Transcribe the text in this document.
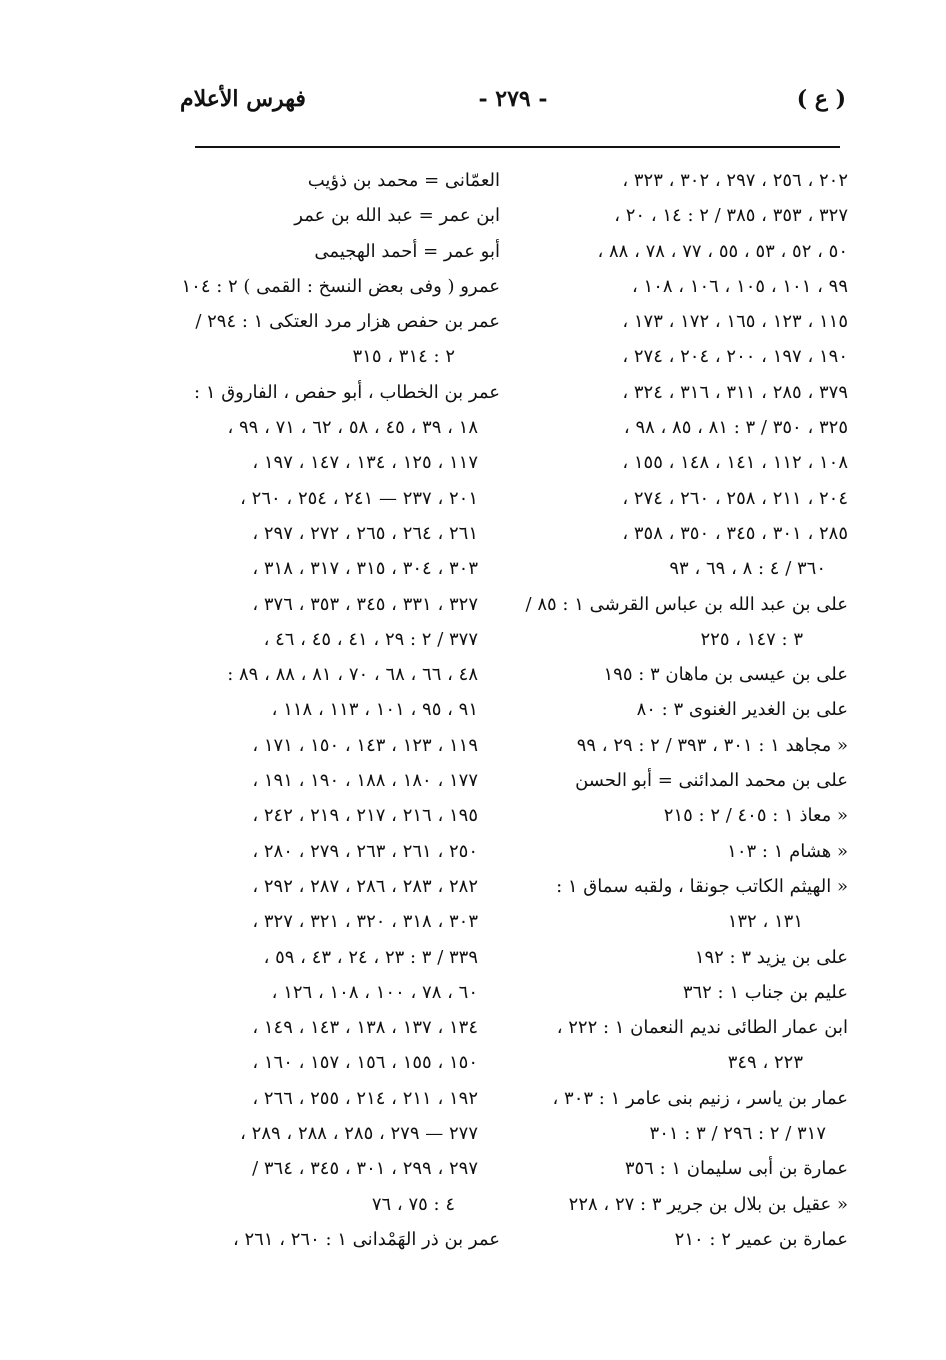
( ع )
- ٢٧٩ -
فهرس الأعلام
٢٠٢ ، ٢٥٦ ، ٢٩٧ ، ٣٠٢ ، ٣٢٣ ،
٣٢٧ ، ٣٥٣ ، ٣٨٥ / ٢ : ١٤ ، ٢٠ ،
٥٠ ، ٥٢ ، ٥٣ ، ٥٥ ، ٧٧ ، ٧٨ ، ٨٨ ،
٩٩ ، ١٠١ ، ١٠٥ ، ١٠٦ ، ١٠٨ ،
١١٥ ، ١٢٣ ، ١٦٥ ، ١٧٢ ، ١٧٣ ،
١٩٠ ، ١٩٧ ، ٢٠٠ ، ٢٠٤ ، ٢٧٤ ،
٣٧٩ ، ٢٨٥ ، ٣١١ ، ٣١٦ ، ٣٢٤ ،
٣٢٥ ، ٣٥٠ / ٣ : ٨١ ، ٨٥ ، ٩٨ ،
١٠٨ ، ١١٢ ، ١٤١ ، ١٤٨ ، ١٥٥ ،
٢٠٤ ، ٢١١ ، ٢٥٨ ، ٢٦٠ ، ٢٧٤ ،
٢٨٥ ، ٣٠١ ، ٣٤٥ ، ٣٥٠ ، ٣٥٨ ،
٣٦٠ / ٤ : ٨ ، ٦٩ ، ٩٣
على بن عبد الله بن عباس القرشى ١ : ٨٥ /
٣ : ١٤٧ ، ٢٢٥
على بن عيسى بن ماهان ٣ : ١٩٥
على بن الغدير الغنوى ٣ : ٨٠
« مجاهد ١ : ٣٠١ ، ٣٩٣ / ٢ : ٢٩ ، ٩٩
على بن محمد المدائنى = أبو الحسن
« معاذ ١ : ٤٠٥ / ٢ : ٢١٥
« هشام ١ : ١٠٣
« الهيثم الكاتب جونقا ، ولقبه سماق ١ :
١٣١ ، ١٣٢
على بن يزيد ٣ : ١٩٢
عليم بن جناب ١ : ٣٦٢
ابن عمار الطائى نديم النعمان ١ : ٢٢٢ ،
٢٢٣ ، ٣٤٩
عمار بن ياسر ، زنيم بنى عامر ١ : ٣٠٣ ،
٣١٧ / ٢ : ٢٩٦ / ٣ : ٣٠١
عمارة بن أبى سليمان ١ : ٣٥٦
« عقيل بن بلال بن جرير ٣ : ٢٧ ، ٢٢٨
عمارة بن عمير ٢ : ٢١٠
العمّانى = محمد بن ذؤيب
ابن عمر = عبد الله بن عمر
أبو عمر = أحمد الهجيمى
عمرو ( وفى بعض النسخ : القمى ) ٢ : ١٠٤
عمر بن حفص هزار مرد العتكى ١ : ٢٩٤ /
٢ : ٣١٤ ، ٣١٥
عمر بن الخطاب ، أبو حفص ، الفاروق ١ :
١٨ ، ٣٩ ، ٤٥ ، ٥٨ ، ٦٢ ، ٧١ ، ٩٩ ،
١١٧ ، ١٢٥ ، ١٣٤ ، ١٤٧ ، ١٩٧ ،
٢٠١ ، ٢٣٧ — ٢٤١ ، ٢٥٤ ، ٢٦٠ ،
٢٦١ ، ٢٦٤ ، ٢٦٥ ، ٢٧٢ ، ٢٩٧ ،
٣٠٣ ، ٣٠٤ ، ٣١٥ ، ٣١٧ ، ٣١٨ ،
٣٢٧ ، ٣٣١ ، ٣٤٥ ، ٣٥٣ ، ٣٧٦ ،
٣٧٧ / ٢ : ٢٩ ، ٤١ ، ٤٥ ، ٤٦ ،
٤٨ ، ٦٦ ، ٦٨ ، ٧٠ ، ٨١ ، ٨٨ ، ٨٩ :
٩١ ، ٩٥ ، ١٠١ ، ١١٣ ، ١١٨ ،
١١٩ ، ١٢٣ ، ١٤٣ ، ١٥٠ ، ١٧١ ،
١٧٧ ، ١٨٠ ، ١٨٨ ، ١٩٠ ، ١٩١ ،
١٩٥ ، ٢١٦ ، ٢١٧ ، ٢١٩ ، ٢٤٢ ،
٢٥٠ ، ٢٦١ ، ٢٦٣ ، ٢٧٩ ، ٢٨٠ ،
٢٨٢ ، ٢٨٣ ، ٢٨٦ ، ٢٨٧ ، ٢٩٢ ،
٣٠٣ ، ٣١٨ ، ٣٢٠ ، ٣٢١ ، ٣٢٧ ،
٣٣٩ / ٣ : ٢٣ ، ٢٤ ، ٤٣ ، ٥٩ ،
٦٠ ، ٧٨ ، ١٠٠ ، ١٠٨ ، ١٢٦ ،
١٣٤ ، ١٣٧ ، ١٣٨ ، ١٤٣ ، ١٤٩ ،
١٥٠ ، ١٥٥ ، ١٥٦ ، ١٥٧ ، ١٦٠ ،
١٩٢ ، ٢١١ ، ٢١٤ ، ٢٥٥ ، ٢٦٦ ،
٢٧٧ — ٢٧٩ ، ٢٨٥ ، ٢٨٨ ، ٢٨٩ ،
٢٩٧ ، ٢٩٩ ، ٣٠١ ، ٣٤٥ ، ٣٦٤ /
٤ : ٧٥ ، ٧٦
عمر بن ذر الهَمْدانى ١ : ٢٦٠ ، ٢٦١ ،
